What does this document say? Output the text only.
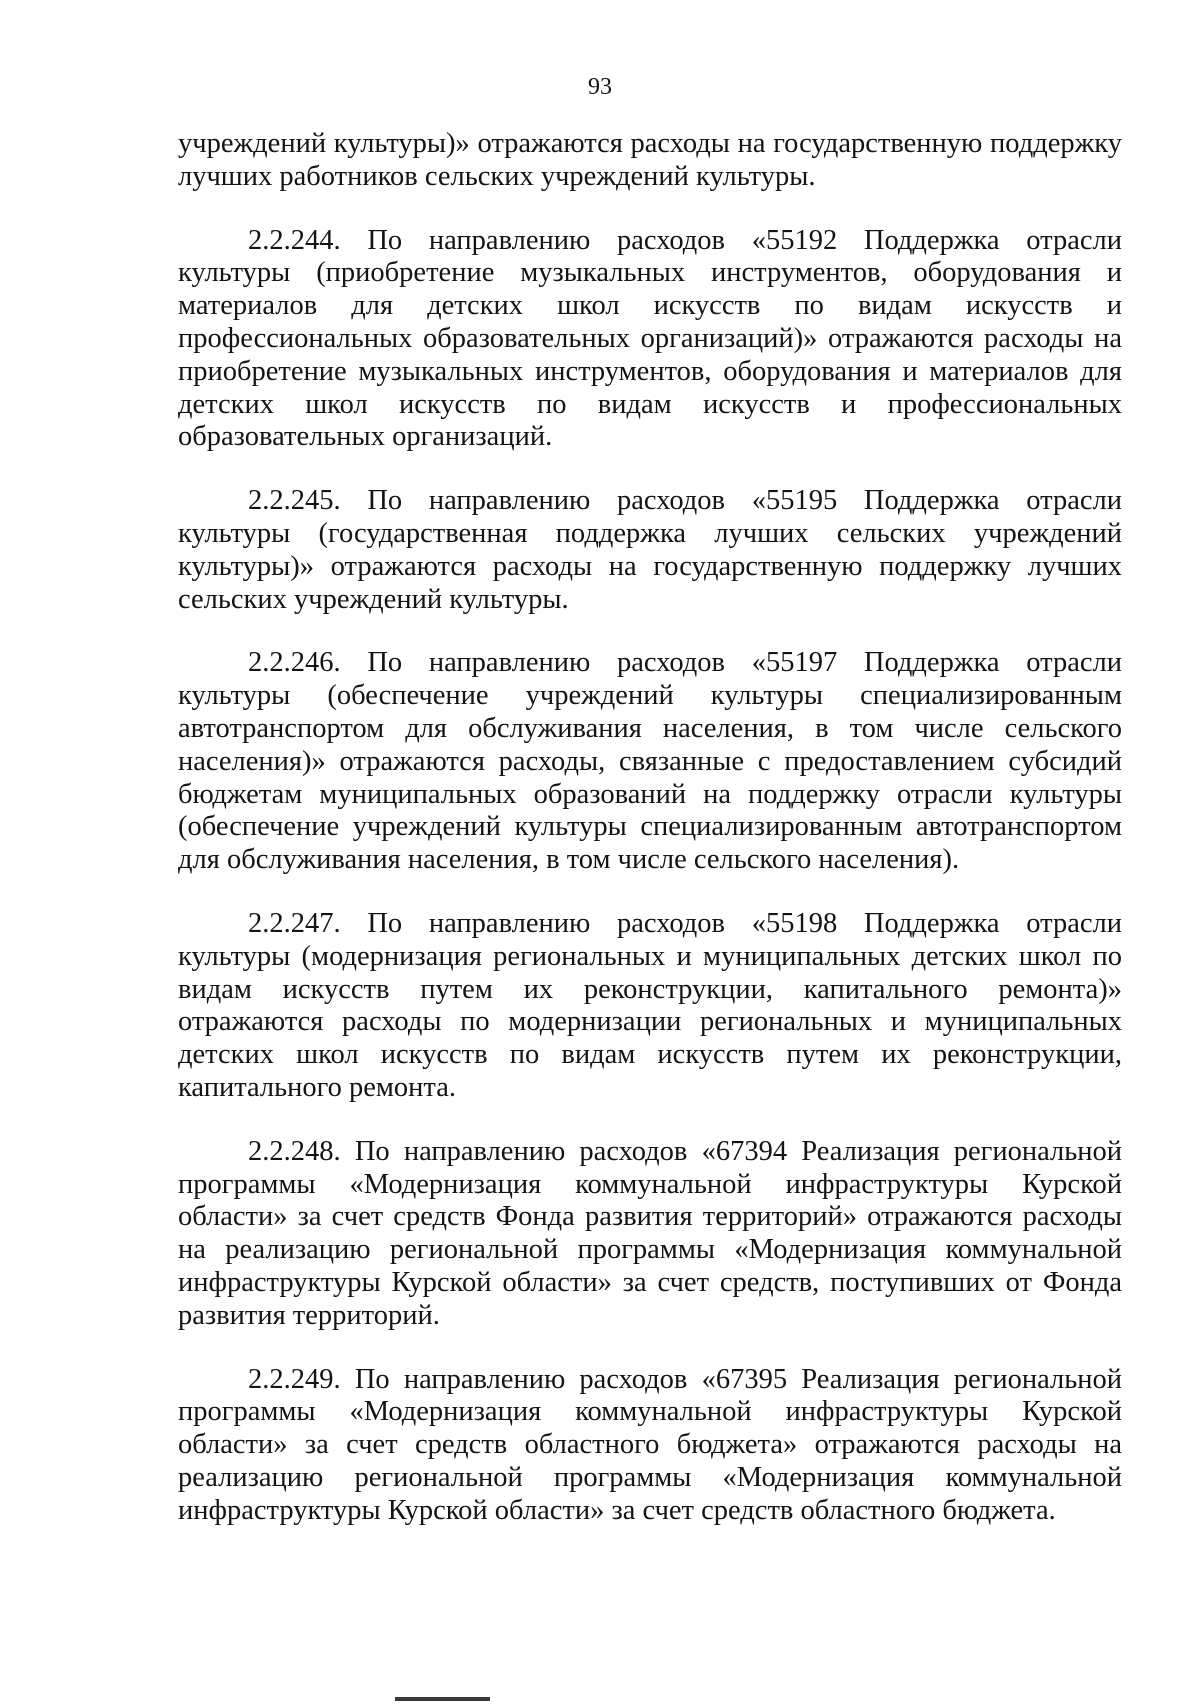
93

учреждений культуры)» отражаются расходы на государственную поддержку лучших работников сельских учреждений культуры.

2.2.244. По направлению расходов «55192 Поддержка отрасли культуры (приобретение музыкальных инструментов, оборудования и материалов для детских школ искусств по видам искусств и профессиональных образовательных организаций)» отражаются расходы на приобретение музыкальных инструментов, оборудования и материалов для детских школ искусств по видам искусств и профессиональных образовательных организаций.

2.2.245. По направлению расходов «55195 Поддержка отрасли культуры (государственная поддержка лучших сельских учреждений культуры)» отражаются расходы на государственную поддержку лучших сельских учреждений культуры.

2.2.246. По направлению расходов «55197 Поддержка отрасли культуры (обеспечение учреждений культуры специализированным автотранспортом для обслуживания населения, в том числе сельского населения)» отражаются расходы, связанные с предоставлением субсидий бюджетам муниципальных образований на поддержку отрасли культуры (обеспечение учреждений культуры специализированным автотранспортом для обслуживания населения, в том числе сельского населения).

2.2.247. По направлению расходов «55198 Поддержка отрасли культуры (модернизация региональных и муниципальных детских школ по видам искусств путем их реконструкции, капитального ремонта)» отражаются расходы по модернизации региональных и муниципальных детских школ искусств по видам искусств путем их реконструкции, капитального ремонта.

2.2.248. По направлению расходов «67394 Реализация региональной программы «Модернизация коммунальной инфраструктуры Курской области» за счет средств Фонда развития территорий» отражаются расходы на реализацию региональной программы «Модернизация коммунальной инфраструктуры Курской области» за счет средств, поступивших от Фонда развития территорий.

2.2.249. По направлению расходов «67395 Реализация региональной программы «Модернизация коммунальной инфраструктуры Курской области» за счет средств областного бюджета» отражаются расходы на реализацию региональной программы «Модернизация коммунальной инфраструктуры Курской области» за счет средств областного бюджета.
